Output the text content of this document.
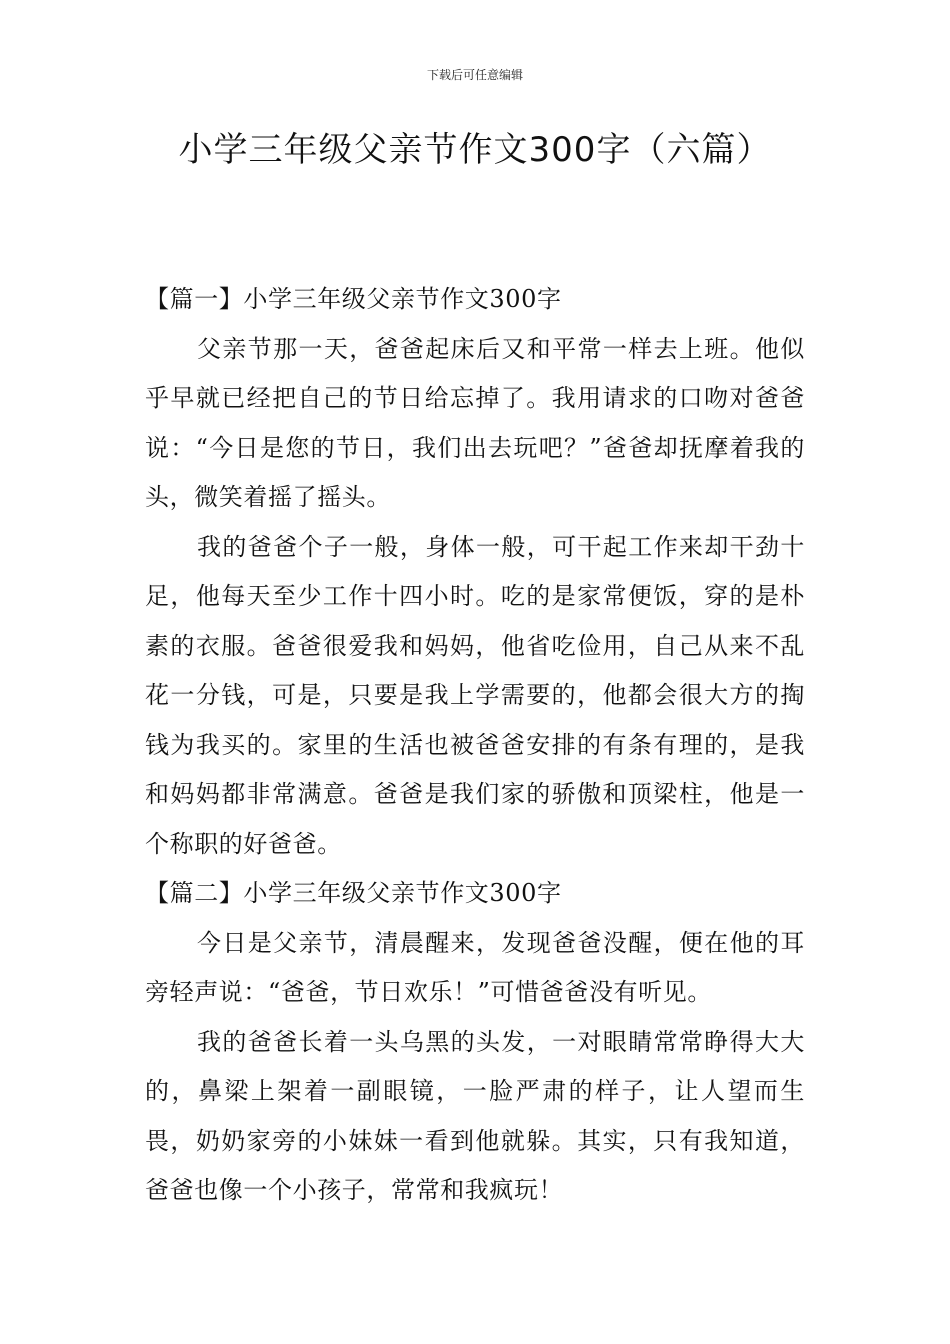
下载后可任意编辑
小学三年级父亲节作文300字（六篇）
【篇一】小学三年级父亲节作文300字

父亲节那一天，爸爸起床后又和平常一样去上班。他似乎早就已经把自己的节日给忘掉了。我用请求的口吻对爸爸说：“今日是您的节日，我们出去玩吧？”爸爸却抚摩着我的头，微笑着摇了摇头。

我的爸爸个子一般，身体一般，可干起工作来却干劲十足，他每天至少工作十四小时。吃的是家常便饭，穿的是朴素的衣服。爸爸很爱我和妈妈，他省吃俭用，自己从来不乱花一分钱，可是，只要是我上学需要的，他都会很大方的掏钱为我买的。家里的生活也被爸爸安排的有条有理的，是我和妈妈都非常满意。爸爸是我们家的骄傲和顶梁柱，他是一个称职的好爸爸。

【篇二】小学三年级父亲节作文300字

今日是父亲节，清晨醒来，发现爸爸没醒，便在他的耳旁轻声说：“爸爸，节日欢乐！”可惜爸爸没有听见。

我的爸爸长着一头乌黑的头发，一对眼睛常常睁得大大的，鼻梁上架着一副眼镜，一脸严肃的样子，让人望而生畏，奶奶家旁的小妹妹一看到他就躲。其实，只有我知道，爸爸也像一个小孩子，常常和我疯玩！
